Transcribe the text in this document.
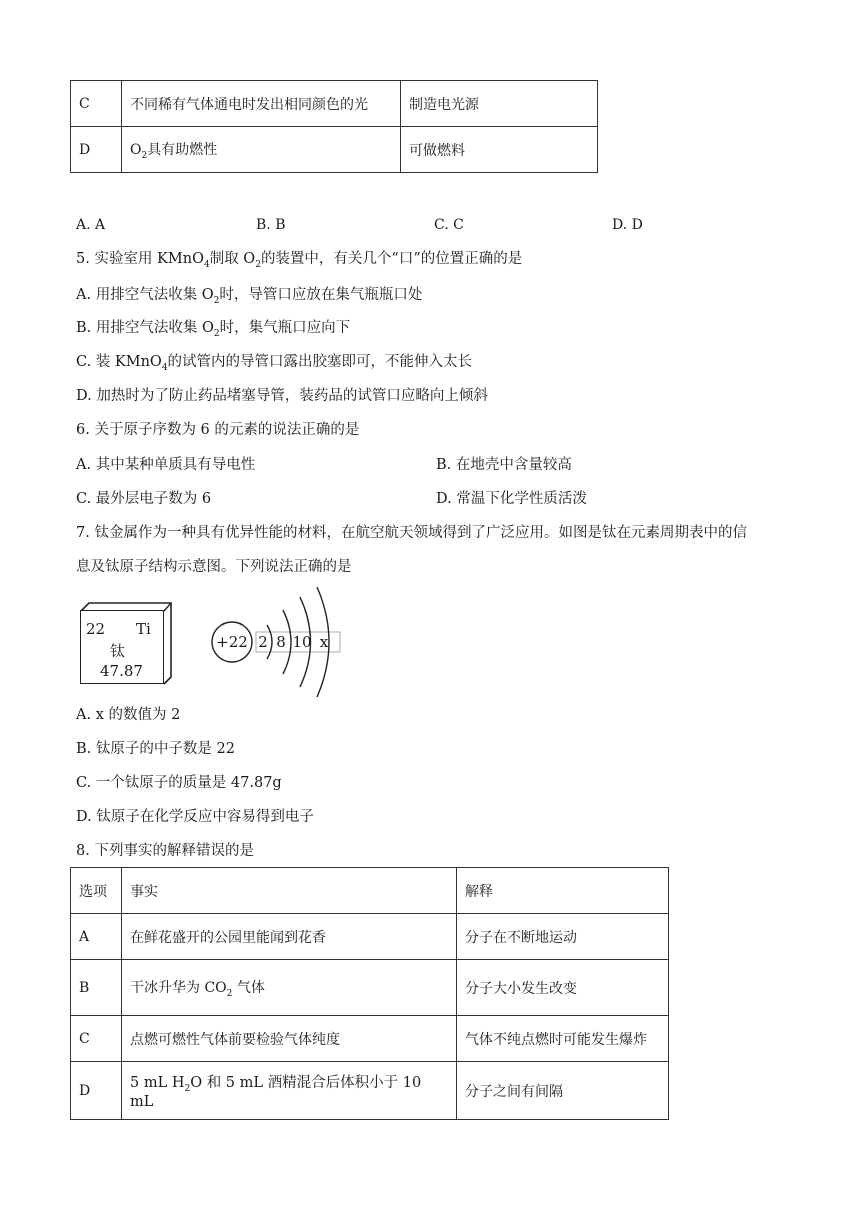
C	不同稀有气体通电时发出相同颜色的光	制造电光源
D	$O_2$具有助燃性	可做燃料
A. A	B. B	C. C	D. D
5. 实验室用 KMnO$_4$制取 $O_2$的装置中，有关几个“口”的位置正确的是
A. 用排空气法收集 $O_2$时，导管口应放在集气瓶瓶口处
B. 用排空气法收集 $O_2$时，集气瓶口应向下
C. 装 KMnO$_4$的试管内的导管口露出胶塞即可，不能伸入太长
D. 加热时为了防止药品堵塞导管，装药品的试管口应略向上倾斜
6. 关于原子序数为 6 的元素的说法正确的是
A. 其中某种单质具有导电性	B. 在地壳中含量较高
C. 最外层电子数为 6	D. 常温下化学性质活泼
7. 钛金属作为一种具有优异性能的材料，在航空航天领域得到了广泛应用。如图是钛在元素周期表中的信
息及钛原子结构示意图。下列说法正确的是
22 Ti
钛
47.87
+22 2 8 10 x
A. x 的数值为 2
B. 钛原子的中子数是 22
C. 一个钛原子的质量是 47.87g
D. 钛原子在化学反应中容易得到电子
8. 下列事实的解释错误的是
选项	事实	解释
A	在鲜花盛开的公园里能闻到花香	分子在不断地运动
B	干冰升华为 $CO_2$ 气体	分子大小发生改变
C	点燃可燃性气体前要检验气体纯度	气体不纯点燃时可能发生爆炸
D	5 mL $H_2O$ 和 5 mL 酒精混合后体积小于 10 mL	分子之间有间隔
